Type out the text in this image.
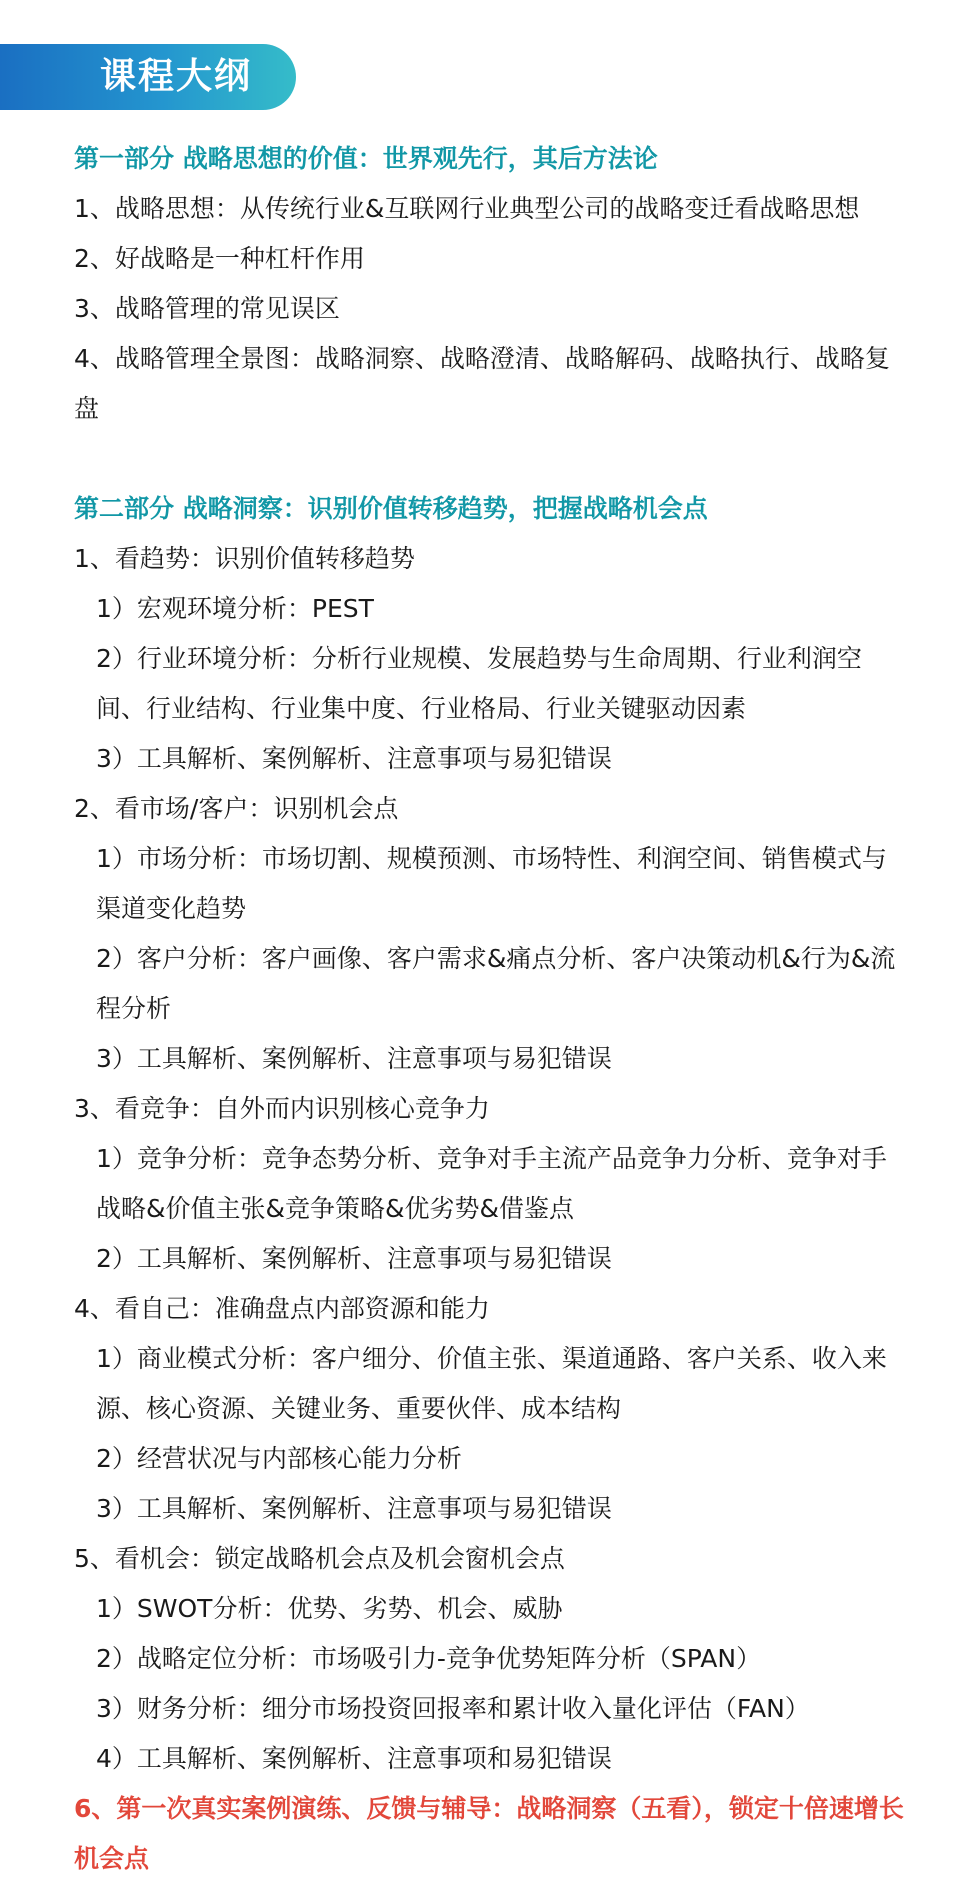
课程大纲
第一部分 战略思想的价值：世界观先行，其后方法论
1、战略思想：从传统行业&互联网行业典型公司的战略变迁看战略思想
2、好战略是一种杠杆作用
3、战略管理的常见误区
4、战略管理全景图：战略洞察、战略澄清、战略解码、战略执行、战略复盘
第二部分 战略洞察：识别价值转移趋势，把握战略机会点
1、看趋势：识别价值转移趋势
1）宏观环境分析：PEST
2）行业环境分析：分析行业规模、发展趋势与生命周期、行业利润空间、行业结构、行业集中度、行业格局、行业关键驱动因素
3）工具解析、案例解析、注意事项与易犯错误
2、看市场/客户：识别机会点
1）市场分析：市场切割、规模预测、市场特性、利润空间、销售模式与渠道变化趋势
2）客户分析：客户画像、客户需求&痛点分析、客户决策动机&行为&流程分析
3）工具解析、案例解析、注意事项与易犯错误
3、看竞争：自外而内识别核心竞争力
1）竞争分析：竞争态势分析、竞争对手主流产品竞争力分析、竞争对手战略&价值主张&竞争策略&优劣势&借鉴点
2）工具解析、案例解析、注意事项与易犯错误
4、看自己：准确盘点内部资源和能力
1）商业模式分析：客户细分、价值主张、渠道通路、客户关系、收入来源、核心资源、关键业务、重要伙伴、成本结构
2）经营状况与内部核心能力分析
3）工具解析、案例解析、注意事项与易犯错误
5、看机会：锁定战略机会点及机会窗机会点
1）SWOT分析：优势、劣势、机会、威胁
2）战略定位分析：市场吸引力-竞争优势矩阵分析（SPAN）
3）财务分析：细分市场投资回报率和累计收入量化评估（FAN）
4）工具解析、案例解析、注意事项和易犯错误
6、第一次真实案例演练、反馈与辅导：战略洞察（五看），锁定十倍速增长机会点
